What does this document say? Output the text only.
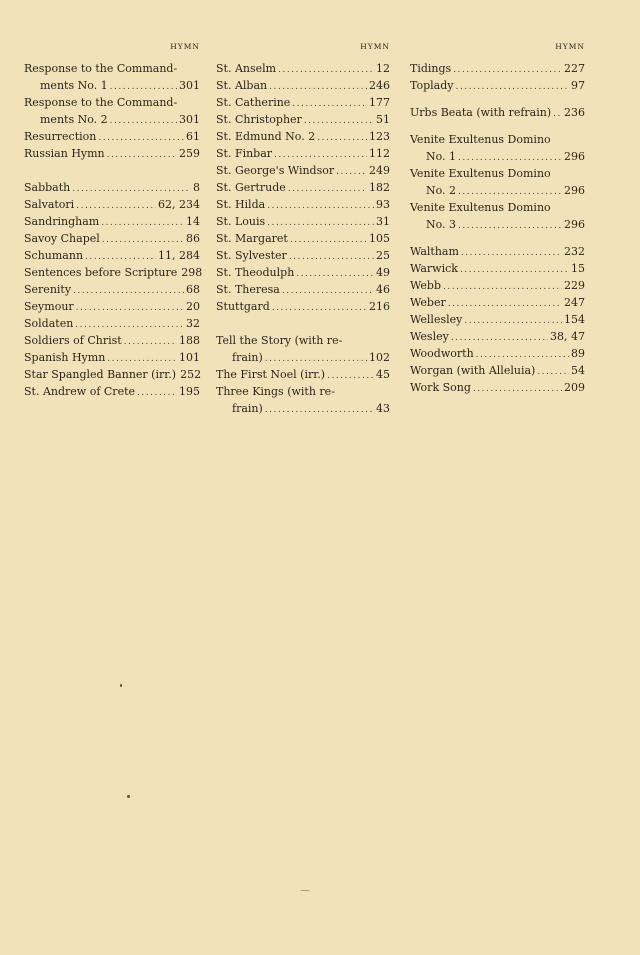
HYMN
Response to the Command-
ments No. 1 .....	301
Response to the Command-
ments No. 2 .....	301
Resurrection .....	61
Russian Hymn .....	259
Sabbath .....	8
Salvatori .....	62, 234
Sandringham .....	14
Savoy Chapel .....	86
Schumann .....	11, 284
Sentences before Scripture 298
Serenity .....	68
Seymour .....	20
Soldaten .....	32
Soldiers of Christ .....	188
Spanish Hymn .....	101
Star Spangled Banner (irr.) 252
St. Andrew of Crete .....	195
HYMN
St. Anselm .....	12
St. Alban .....	246
St. Catherine .....	177
St. Christopher .....	51
St. Edmund No. 2 .....	123
St. Finbar .....	112
St. George's Windsor .....	249
St. Gertrude .....	182
St. Hilda .....	93
St. Louis .....	31
St. Margaret .....	105
St. Sylvester .....	25
St. Theodulph .....	49
St. Theresa .....	46
Stuttgard .....	216
Tell the Story (with re-
frain) .....	102
The First Noel (irr.) .....	45
Three Kings (with re-
frain) .....	43
HYMN
Tidings .....	227
Toplady .....	97
Urbs Beata (with refrain) ..... 236
Venite Exultenus Domino
No. 1 .....	296
Venite Exultenus Domino
No. 2 .....	296
Venite Exultenus Domino
No. 3 .....	296
Waltham .....	232
Warwick .....	15
Webb .....	229
Weber .....	247
Wellesley .....	154
Wesley .....	38, 47
Woodworth .....	89
Worgan (with Alleluia) .....	54
Work Song .....	209
